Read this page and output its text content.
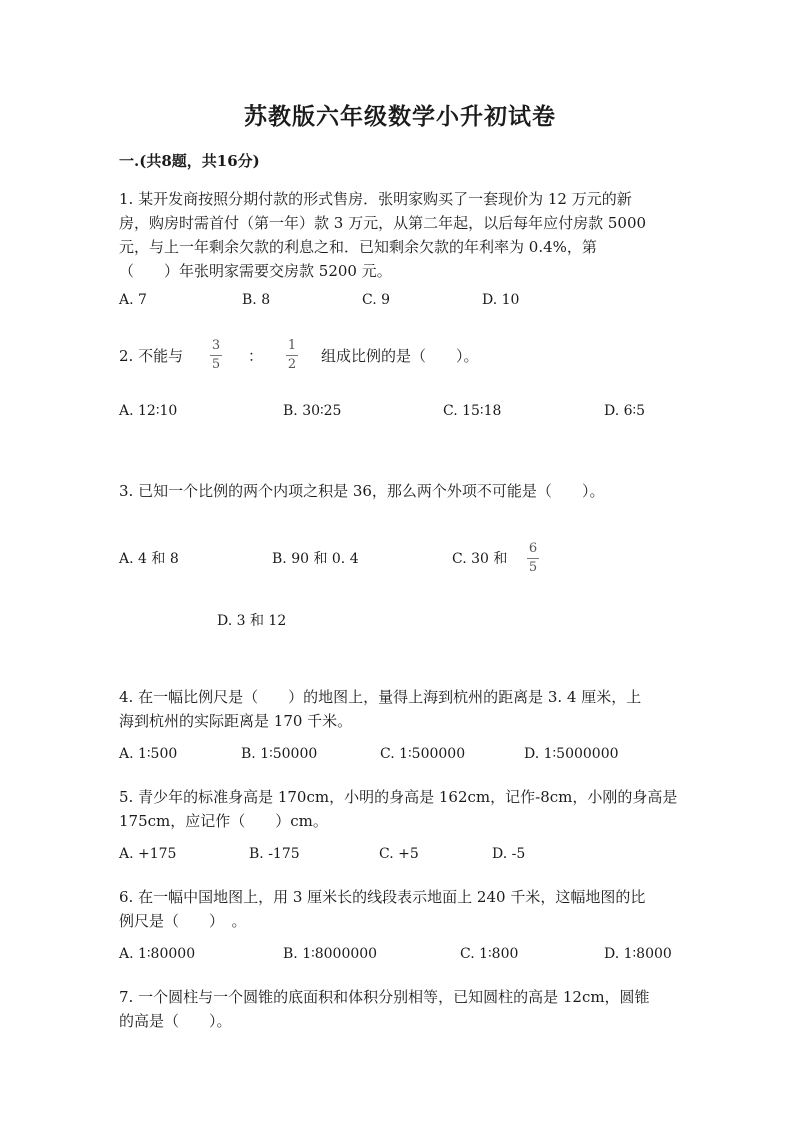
苏教版六年级数学小升初试卷
一.(共8题，共16分)
1. 某开发商按照分期付款的形式售房．张明家购买了一套现价为 12 万元的新
房，购房时需首付（第一年）款 3 万元，从第二年起，以后每年应付房款 5000
元，与上一年剩余欠款的利息之和．已知剩余欠款的年利率为 0.4%，第
（　　）年张明家需要交房款 5200 元。
A. 7	B. 8	C. 9	D. 10
2. 不能与
3
5 ：
1
2 组成比例的是（　　）。
A. 12∶10	B. 30∶25	C. 15∶18	D. 6∶5
3. 已知一个比例的两个内项之积是 36，那么两个外项不可能是（　　）。
A. 4 和 8	B. 90 和 0. 4	C. 30 和
6
5
D. 3 和 12
4. 在一幅比例尺是（　　）的地图上，量得上海到杭州的距离是 3. 4 厘米，上
海到杭州的实际距离是 170 千米。
A. 1∶500	B. 1∶50000	C. 1∶500000	D. 1∶5000000
5. 青少年的标准身高是 170cm，小明的身高是 162cm，记作-8cm，小刚的身高是
175cm，应记作（　　）cm。
A. +175	B. -175	C. +5	D. -5
6. 在一幅中国地图上，用 3 厘米长的线段表示地面上 240 千米，这幅地图的比
例尺是（　　）　。
A. 1∶80000	B. 1∶8000000	C. 1∶800	D. 1∶8000
7. 一个圆柱与一个圆锥的底面积和体积分别相等，已知圆柱的高是 12cm，圆锥
的高是（　　）。
